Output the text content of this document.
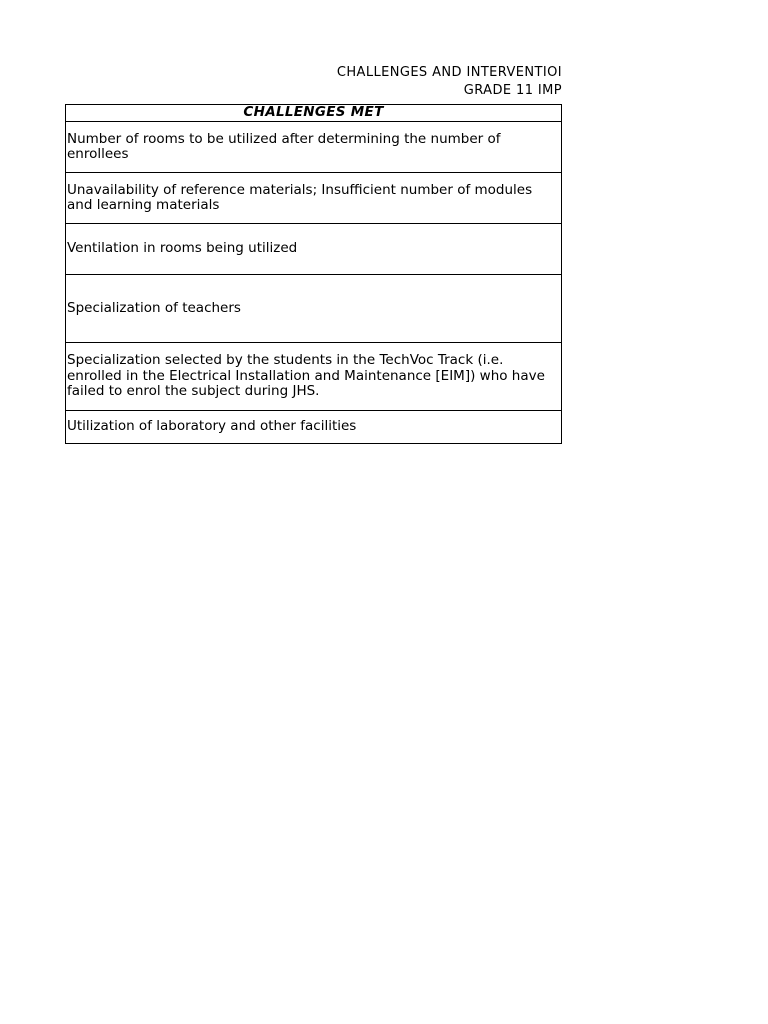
CHALLENGES AND INTERVENTIOI
GRADE 11 IMP
CHALLENGES MET
Number of rooms to be utilized after determining the number of enrollees
Unavailability of reference materials; Insufficient number of modules and learning materials
Ventilation in rooms being utilized
Specialization of teachers
Specialization selected by the students in the TechVoc Track (i.e. enrolled in the Electrical Installation and Maintenance [EIM]) who have failed to enrol the subject during JHS.
Utilization of laboratory and other facilities
